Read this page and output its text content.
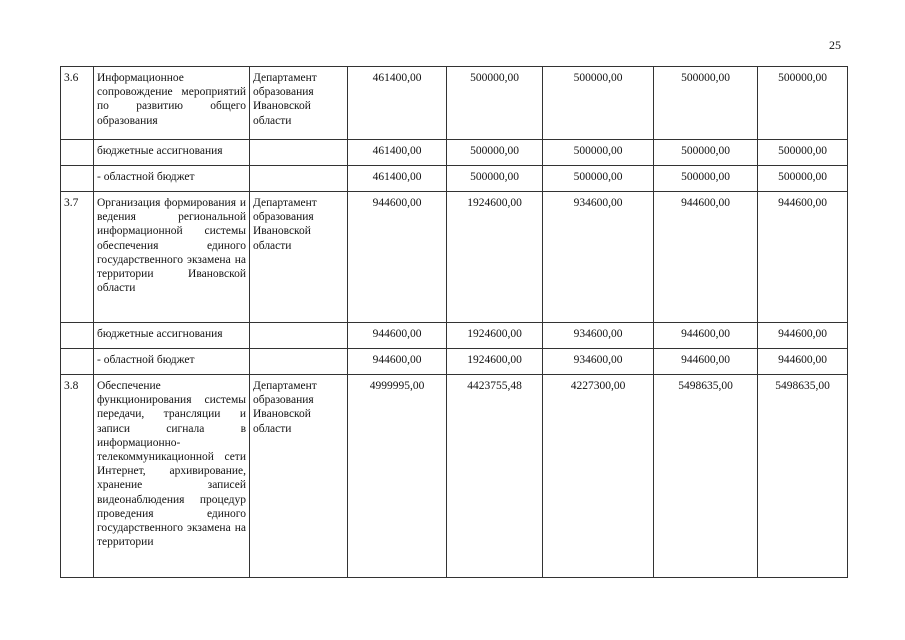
25
3.6	Информационное сопровождение мероприятий по развитию общего образования	Департамент образования Ивановской области	461400,00	500000,00	500000,00	500000,00	500000,00
	бюджетные ассигнования		461400,00	500000,00	500000,00	500000,00	500000,00
	- областной бюджет		461400,00	500000,00	500000,00	500000,00	500000,00
3.7	Организация формирования и ведения региональной информационной системы обеспечения единого государственного экзамена на территории Ивановской области	Департамент образования Ивановской области	944600,00	1924600,00	934600,00	944600,00	944600,00
	бюджетные ассигнования		944600,00	1924600,00	934600,00	944600,00	944600,00
	- областной бюджет		944600,00	1924600,00	934600,00	944600,00	944600,00
3.8	Обеспечение функционирования системы передачи, трансляции и записи сигнала в информационно-телекоммуникационной сети Интернет, архивирование, хранение записей видеонаблюдения процедур проведения единого государственного экзамена на территории	Департамент образования Ивановской области	4999995,00	4423755,48	4227300,00	5498635,00	5498635,00
